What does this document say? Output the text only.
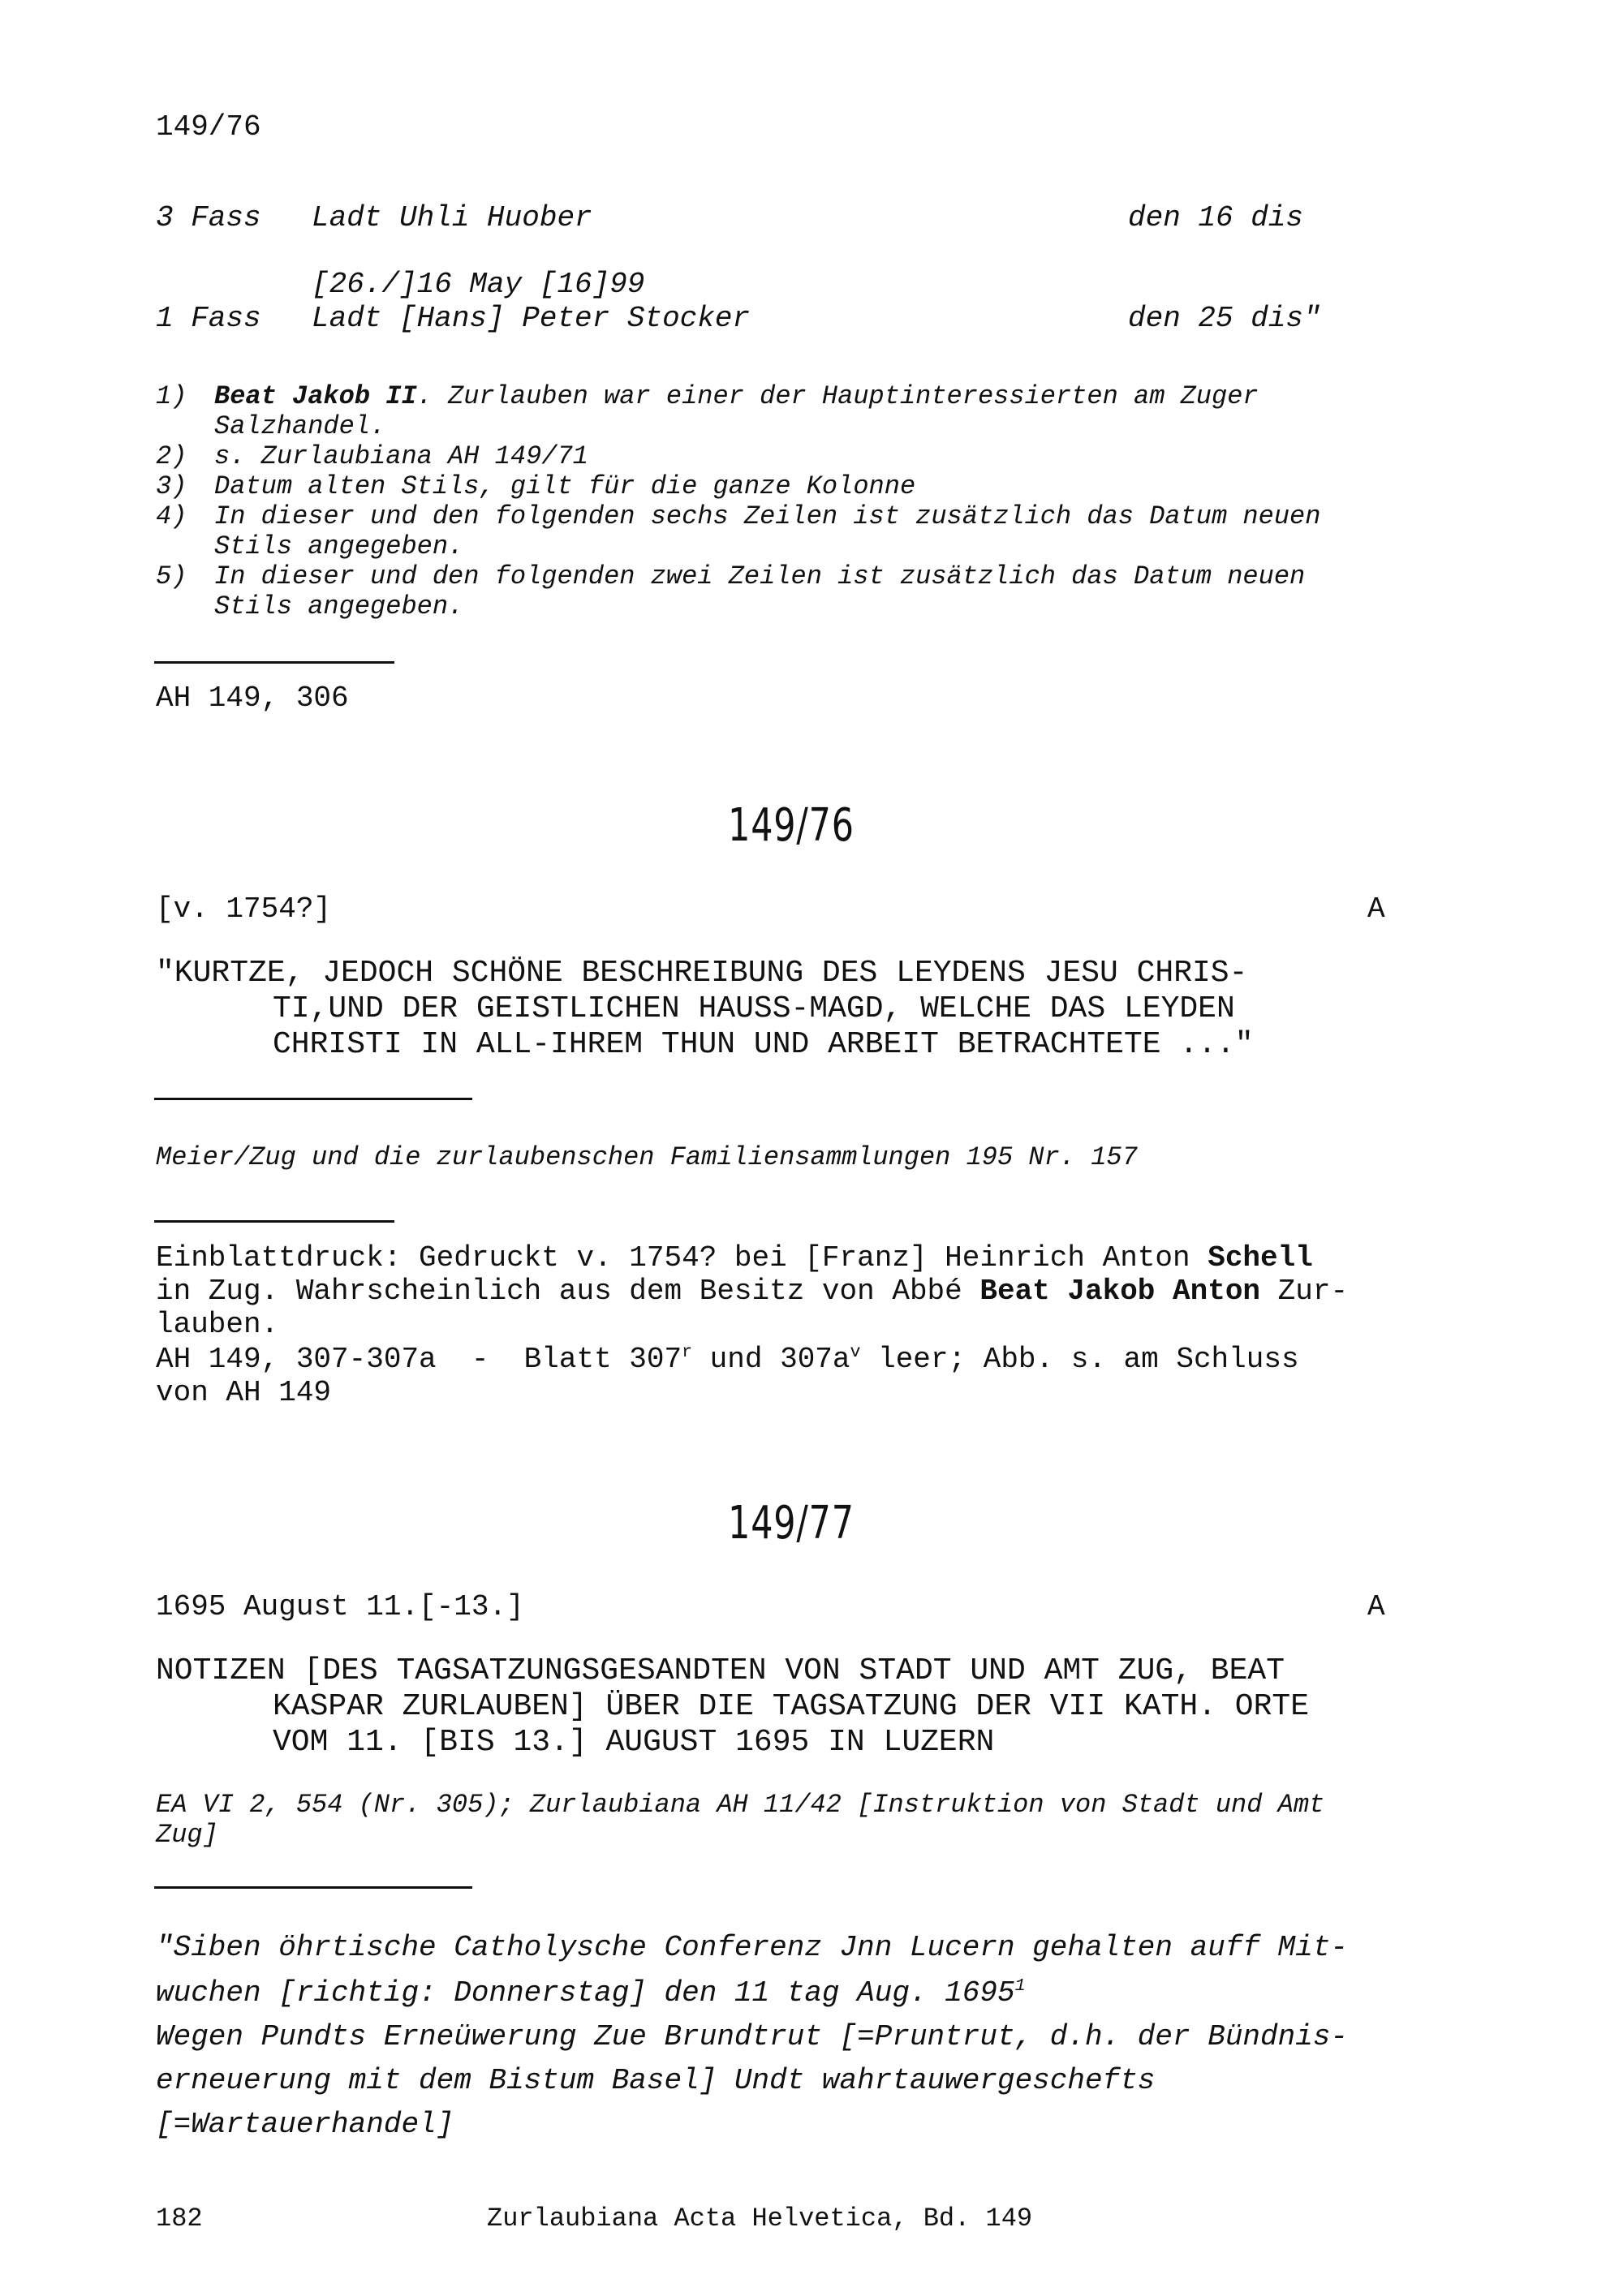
149/76
3 Fass Ladt Uhli Huober	den 16 dis
[26./]16 May [16]99
1 Fass Ladt [Hans] Peter Stocker	den 25 dis"
1) Beat Jakob II. Zurlauben war einer der Hauptinteressierten am Zuger
Salzhandel.
2) s. Zurlaubiana AH 149/71
3) Datum alten Stils, gilt für die ganze Kolonne
4) In dieser und den folgenden sechs Zeilen ist zusätzlich das Datum neuen
Stils angegeben.
5) In dieser und den folgenden zwei Zeilen ist zusätzlich das Datum neuen
Stils angegeben.
AH 149, 306
149/76
[v. 1754?]	A
"KURTZE, JEDOCH SCHÖNE BESCHREIBUNG DES LEYDENS JESU CHRIS-
TI,UND DER GEISTLICHEN HAUSS-MAGD, WELCHE DAS LEYDEN
CHRISTI IN ALL-IHREM THUN UND ARBEIT BETRACHTETE ..."
Meier/Zug und die zurlaubenschen Familiensammlungen 195 Nr. 157
Einblattdruck: Gedruckt v. 1754? bei [Franz] Heinrich Anton Schell
in Zug. Wahrscheinlich aus dem Besitz von Abbé Beat Jakob Anton Zur-
lauben.
AH 149, 307-307a  -  Blatt 307$^r$ und $307a^v$ leer; Abb. s. am Schluss
von AH 149
149/77
1695 August 11.[-13.]	A
NOTIZEN [DES TAGSATZUNGSGESANDTEN VON STADT UND AMT ZUG, BEAT
KASPAR ZURLAUBEN] ÜBER DIE TAGSATZUNG DER VII KATH. ORTE
VOM 11. [BIS 13.] AUGUST 1695 IN LUZERN
EA VI 2, 554 (Nr. 305); Zurlaubiana AH 11/42 [Instruktion von Stadt und Amt
Zug]
"Siben öhrtische Catholysche Conferenz Jnn Lucern gehalten auff Mit-
wuchen [richtig: Donnerstag] den 11 tag Aug. 1695$^1$
Wegen Pundts Erneüwerung Zue Brundtrut [=Pruntrut, d.h. der Bündnis-
erneuerung mit dem Bistum Basel] Undt wahrtauwergeschefts
[=Wartauerhandel]
182	Zurlaubiana Acta Helvetica, Bd. 149
